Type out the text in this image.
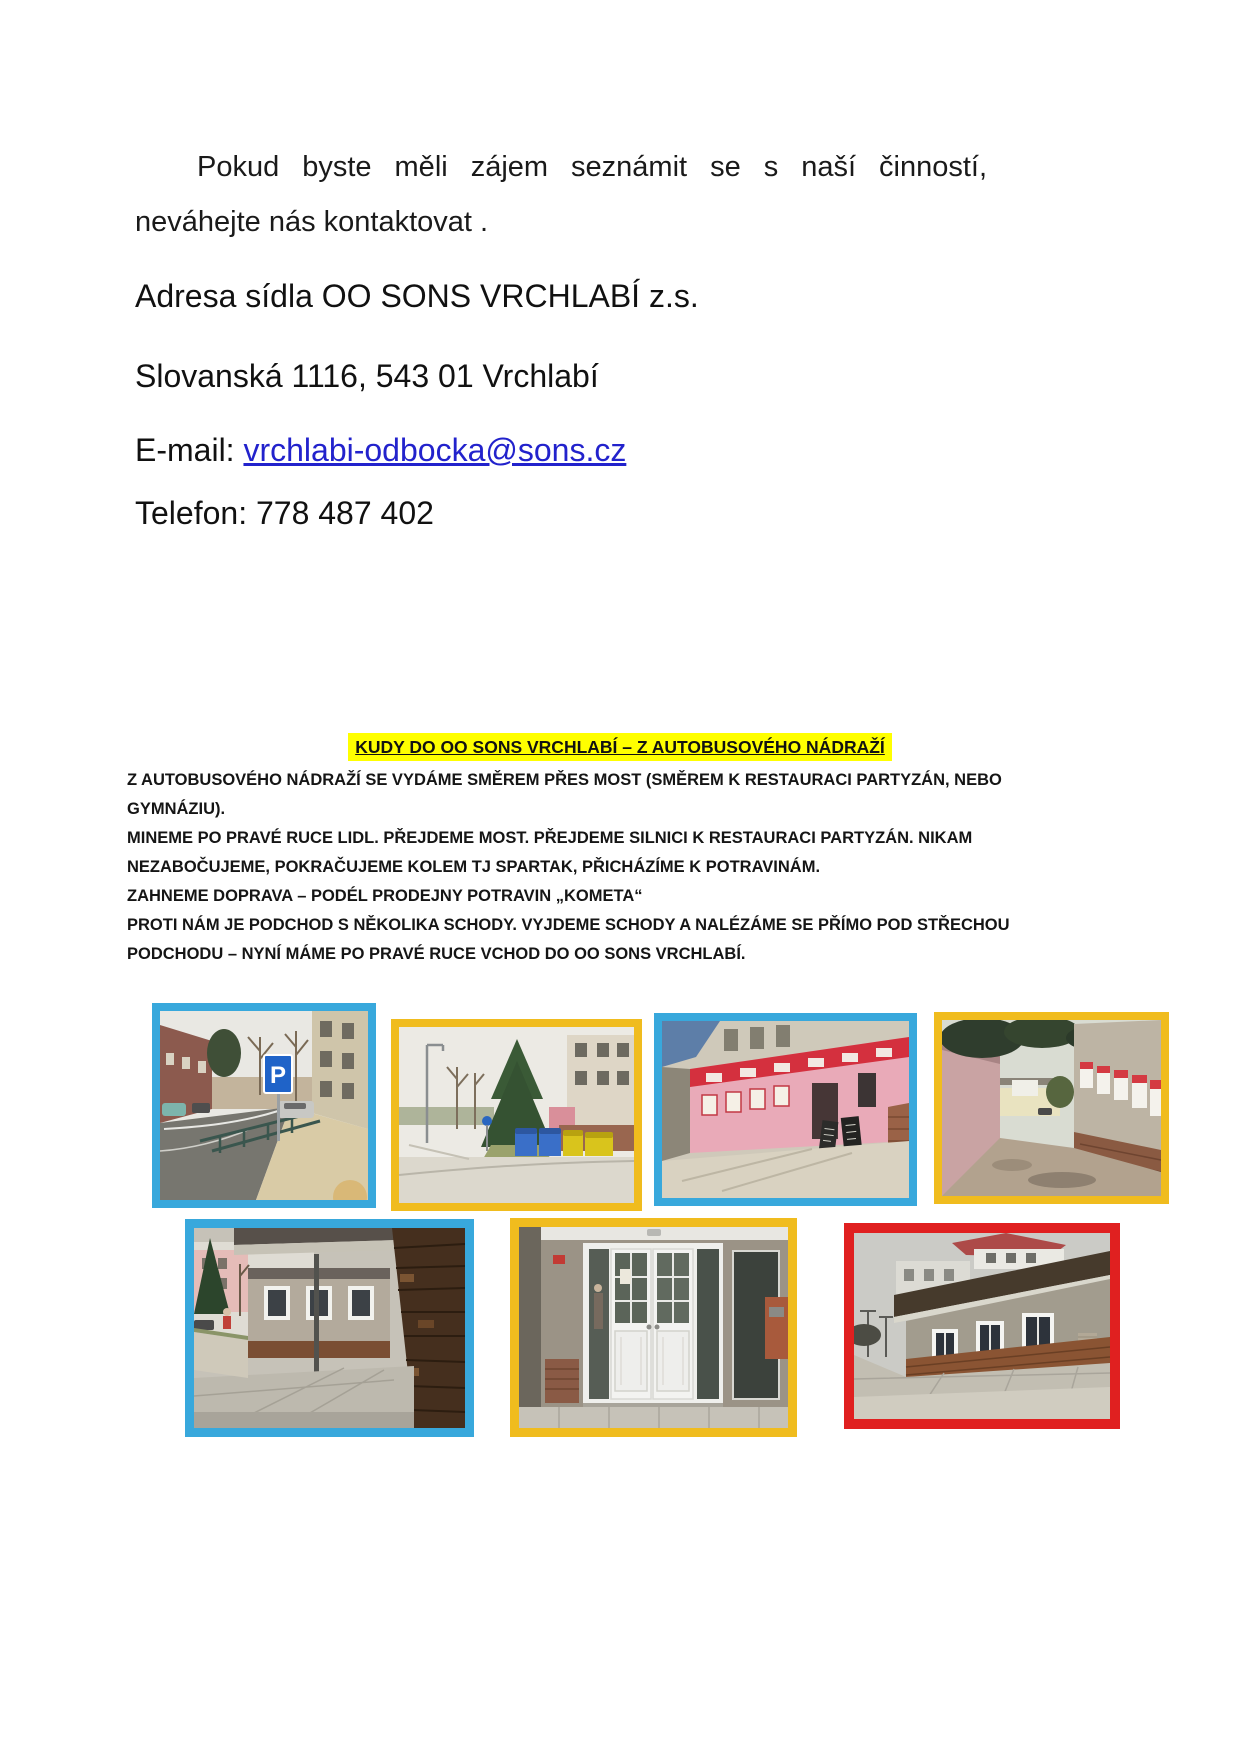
Pokud byste měli zájem seznámit se s naší činností,
neváhejte nás kontaktovat .
Adresa sídla OO SONS VRCHLABÍ z.s.
Slovanská 1116, 543 01 Vrchlabí
E-mail: vrchlabi-odbocka@sons.cz
Telefon: 778 487 402
KUDY DO OO SONS VRCHLABÍ – Z AUTOBUSOVÉHO NÁDRAŽÍ
Z AUTOBUSOVÉHO NÁDRAŽÍ SE VYDÁME SMĚREM PŘES MOST (SMĚREM K RESTAURACI PARTYZÁN, NEBO
GYMNÁZIU).
MINEME PO PRAVÉ RUCE LIDL. PŘEJDEME MOST. PŘEJDEME SILNICI K RESTAURACI PARTYZÁN. NIKAM
NEZABOČUJEME, POKRAČUJEME KOLEM TJ SPARTAK, PŘICHÁZÍME K POTRAVINÁM.
ZAHNEME DOPRAVA – PODÉL PRODEJNY POTRAVIN „KOMETA“
PROTI NÁM JE PODCHOD S NĚKOLIKA SCHODY. VYJDEME SCHODY A NALÉZÁME SE PŘÍMO POD STŘECHOU
PODCHODU – NYNÍ MÁME PO PRAVÉ RUCE VCHOD DO OO SONS VRCHLABÍ.
P
